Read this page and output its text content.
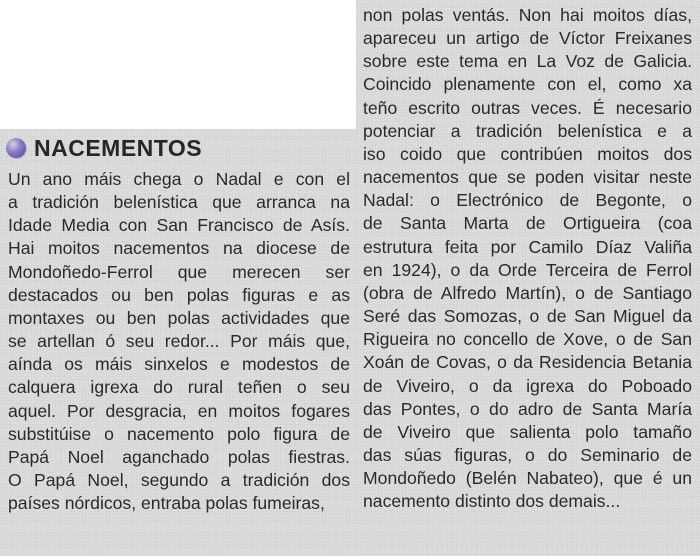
NACEMENTOS
Un ano máis chega o Nadal e con el
a tradición belenística que arranca na
Idade Media con San Francisco de Asís.
Hai moitos nacementos na diocese de
Mondoñedo-Ferrol que merecen ser
destacados ou ben polas figuras e as
montaxes ou ben polas actividades que
se artellan ó seu redor... Por máis que,
aínda os máis sinxelos e modestos de
calquera igrexa do rural teñen o seu
aquel. Por desgracia, en moitos fogares
substitúise o nacemento polo figura de
Papá Noel aganchado polas fiestras.
O Papá Noel, segundo a tradición dos
países nórdicos, entraba polas fumeiras,
non polas ventás. Non hai moitos días,
apareceu un artigo de Víctor Freixanes
sobre este tema en La Voz de Galicia.
Coincido plenamente con el, como xa
teño escrito outras veces. É necesario
potenciar a tradición belenística e a
iso coido que contribúen moitos dos
nacementos que se poden visitar neste
Nadal: o Electrónico de Begonte, o
de Santa Marta de Ortigueira (coa
estrutura feita por Camilo Díaz Valiña
en 1924), o da Orde Terceira de Ferrol
(obra de Alfredo Martín), o de Santiago
Seré das Somozas, o de San Miguel da
Rigueira no concello de Xove, o de San
Xoán de Covas, o da Residencia Betania
de Viveiro, o da igrexa do Poboado
das Pontes, o do adro de Santa María
de Viveiro que salienta polo tamaño
das súas figuras, o do Seminario de
Mondoñedo (Belén Nabateo), que é un
nacemento distinto dos demais...
